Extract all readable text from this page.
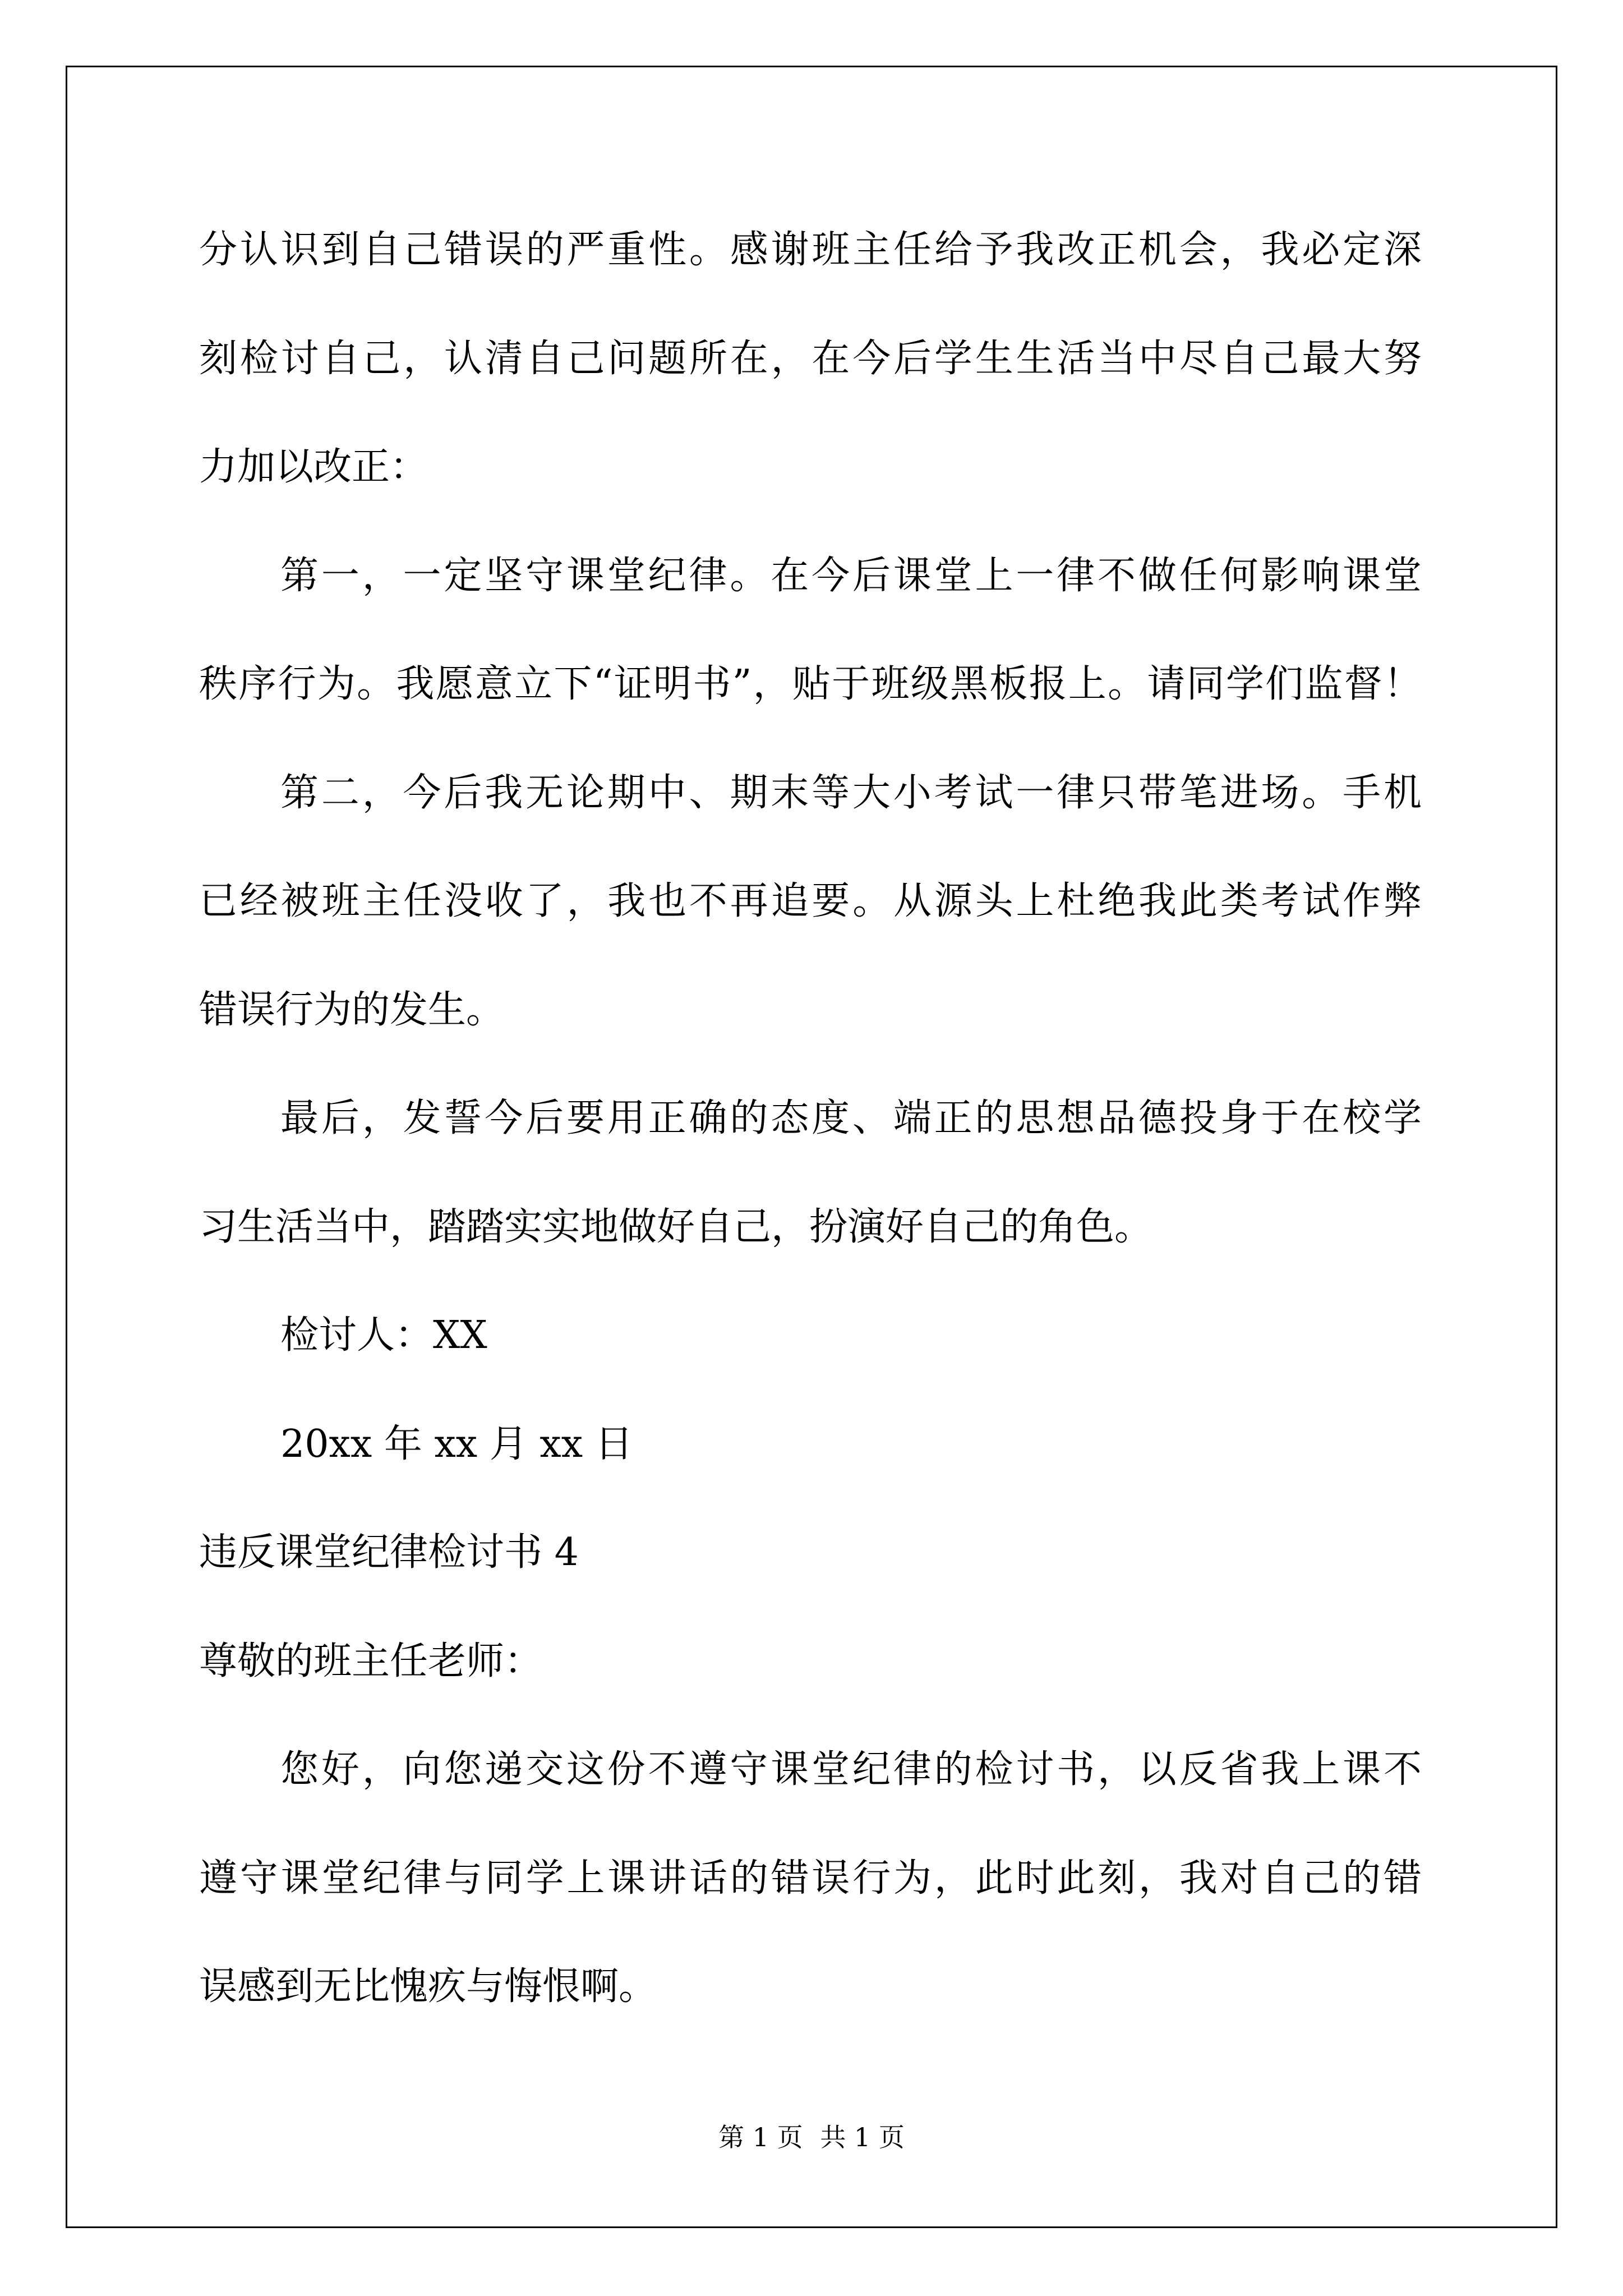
分认识到自己错误的严重性。感谢班主任给予我改正机会，我必定深

刻检讨自己，认清自己问题所在，在今后学生生活当中尽自己最大努

力加以改正：

第一，一定坚守课堂纪律。在今后课堂上一律不做任何影响课堂

秩序行为。我愿意立下“证明书”，贴于班级黑板报上。请同学们监督！

第二，今后我无论期中、期末等大小考试一律只带笔进场。手机

已经被班主任没收了，我也不再追要。从源头上杜绝我此类考试作弊

错误行为的发生。

最后，发誓今后要用正确的态度、端正的思想品德投身于在校学

习生活当中，踏踏实实地做好自己，扮演好自己的角色。

检讨人：XX

20xx 年 xx 月 xx 日

违反课堂纪律检讨书 4

尊敬的班主任老师：

您好，向您递交这份不遵守课堂纪律的检讨书，以反省我上课不

遵守课堂纪律与同学上课讲话的错误行为，此时此刻，我对自己的错

误感到无比愧疚与悔恨啊。

第 1 页 共 1 页
